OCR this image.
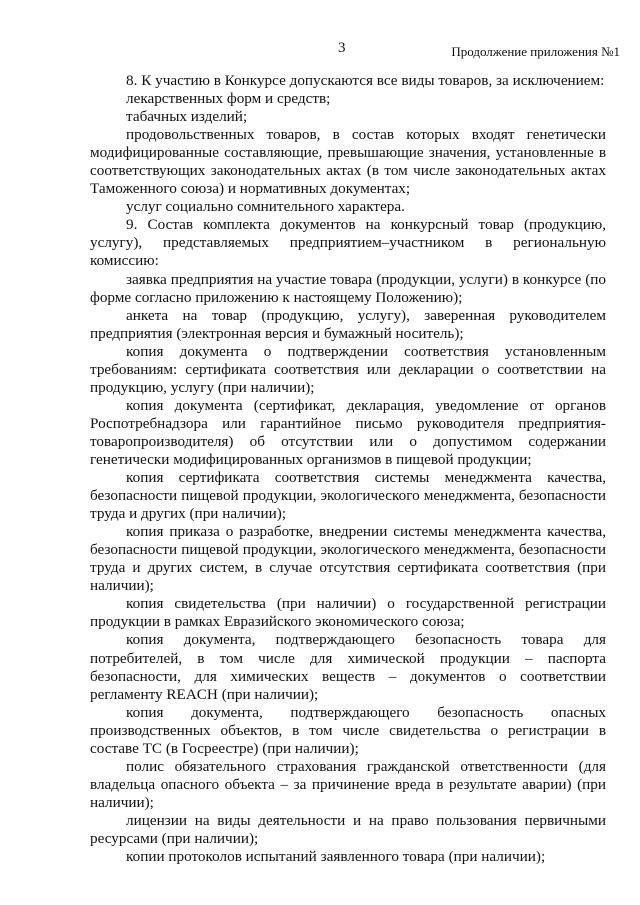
3	Продолжение приложения №1

8. К участию в Конкурсе допускаются все виды товаров, за исключением:

лекарственных форм и средств;

табачных изделий;

продовольственных товаров, в состав которых входят генетически модифицированные составляющие, превышающие значения, установленные в соответствующих законодательных актах (в том числе законодательных актах Таможенного союза) и нормативных документах;

услуг социально сомнительного характера.

9. Состав комплекта документов на конкурсный товар (продукцию, услугу), представляемых предприятием–участником в региональную комиссию:

заявка предприятия на участие товара (продукции, услуги) в конкурсе (по форме согласно приложению к настоящему Положению);

анкета на товар (продукцию, услугу), заверенная руководителем предприятия (электронная версия и бумажный носитель);

копия документа о подтверждении соответствия установленным требованиям: сертификата соответствия или декларации о соответствии на продукцию, услугу (при наличии);

копия документа (сертификат, декларация, уведомление от органов Роспотребнадзора или гарантийное письмо руководителя предприятия-товаропроизводителя) об отсутствии или о допустимом содержании генетически модифицированных организмов в пищевой продукции;

копия сертификата соответствия системы менеджмента качества, безопасности пищевой продукции, экологического менеджмента, безопасности труда и других (при наличии);

копия приказа о разработке, внедрении системы менеджмента качества, безопасности пищевой продукции, экологического менеджмента, безопасности труда и других систем, в случае отсутствия сертификата соответствия (при наличии);

копия свидетельства (при наличии) о государственной регистрации продукции в рамках Евразийского экономического союза;

копия документа, подтверждающего безопасность товара для потребителей, в том числе для химической продукции – паспорта безопасности, для химических веществ – документов о соответствии регламенту REACH (при наличии);

копия документа, подтверждающего безопасность опасных производственных объектов, в том числе свидетельства о регистрации в составе ТС (в Госреестре) (при наличии);

полис обязательного страхования гражданской ответственности (для владельца опасного объекта – за причинение вреда в результате аварии) (при наличии);

лицензии на виды деятельности и на право пользования первичными ресурсами (при наличии);

копии протоколов испытаний заявленного товара (при наличии);
